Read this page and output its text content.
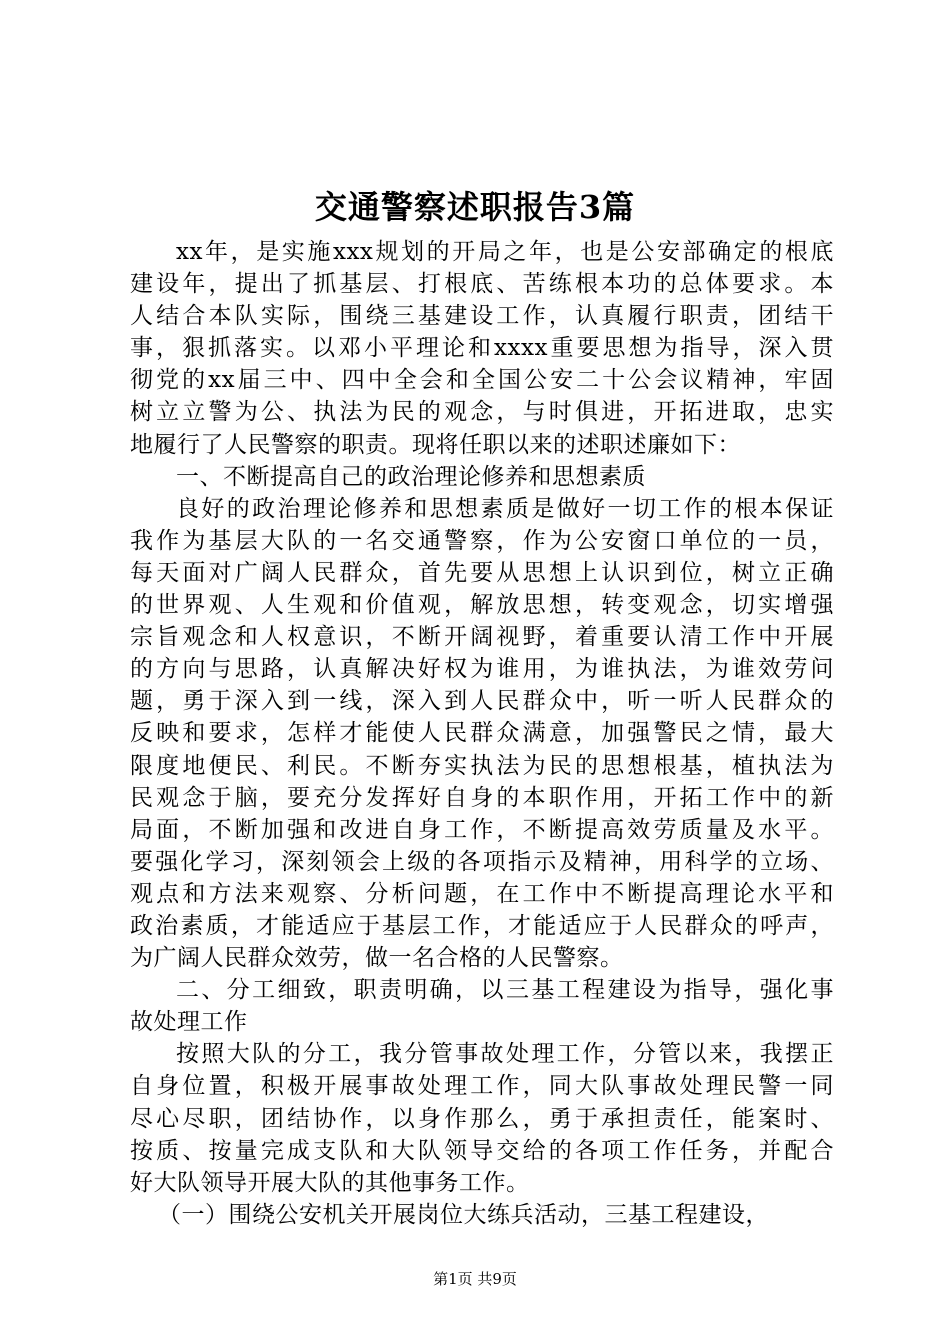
交通警察述职报告3篇
xx年，是实施xxx规划的开局之年，也是公安部确定的根底
建设年，提出了抓基层、打根底、苦练根本功的总体要求。本
人结合本队实际，围绕三基建设工作，认真履行职责，团结干
事，狠抓落实。以邓小平理论和xxxx重要思想为指导，深入贯
彻党的xx届三中、四中全会和全国公安二十公会议精神，牢固
树立立警为公、执法为民的观念，与时俱进，开拓进取，忠实
地履行了人民警察的职责。现将任职以来的述职述廉如下：
一、不断提高自己的政治理论修养和思想素质
良好的政治理论修养和思想素质是做好一切工作的根本保证
我作为基层大队的一名交通警察，作为公安窗口单位的一员，
每天面对广阔人民群众，首先要从思想上认识到位，树立正确
的世界观、人生观和价值观，解放思想，转变观念，切实增强
宗旨观念和人权意识，不断开阔视野，着重要认清工作中开展
的方向与思路，认真解决好权为谁用，为谁执法，为谁效劳问
题，勇于深入到一线，深入到人民群众中，听一听人民群众的
反映和要求，怎样才能使人民群众满意，加强警民之情，最大
限度地便民、利民。不断夯实执法为民的思想根基，植执法为
民观念于脑，要充分发挥好自身的本职作用，开拓工作中的新
局面，不断加强和改进自身工作，不断提高效劳质量及水平。
要强化学习，深刻领会上级的各项指示及精神，用科学的立场、
观点和方法来观察、分析问题，在工作中不断提高理论水平和
政治素质，才能适应于基层工作，才能适应于人民群众的呼声，
为广阔人民群众效劳，做一名合格的人民警察。
二、分工细致，职责明确，以三基工程建设为指导，强化事
故处理工作
按照大队的分工，我分管事故处理工作，分管以来，我摆正
自身位置，积极开展事故处理工作，同大队事故处理民警一同
尽心尽职，团结协作，以身作那么，勇于承担责任，能案时、
按质、按量完成支队和大队领导交给的各项工作任务，并配合
好大队领导开展大队的其他事务工作。
（一）围绕公安机关开展岗位大练兵活动，三基工程建设，
第1页 共9页
